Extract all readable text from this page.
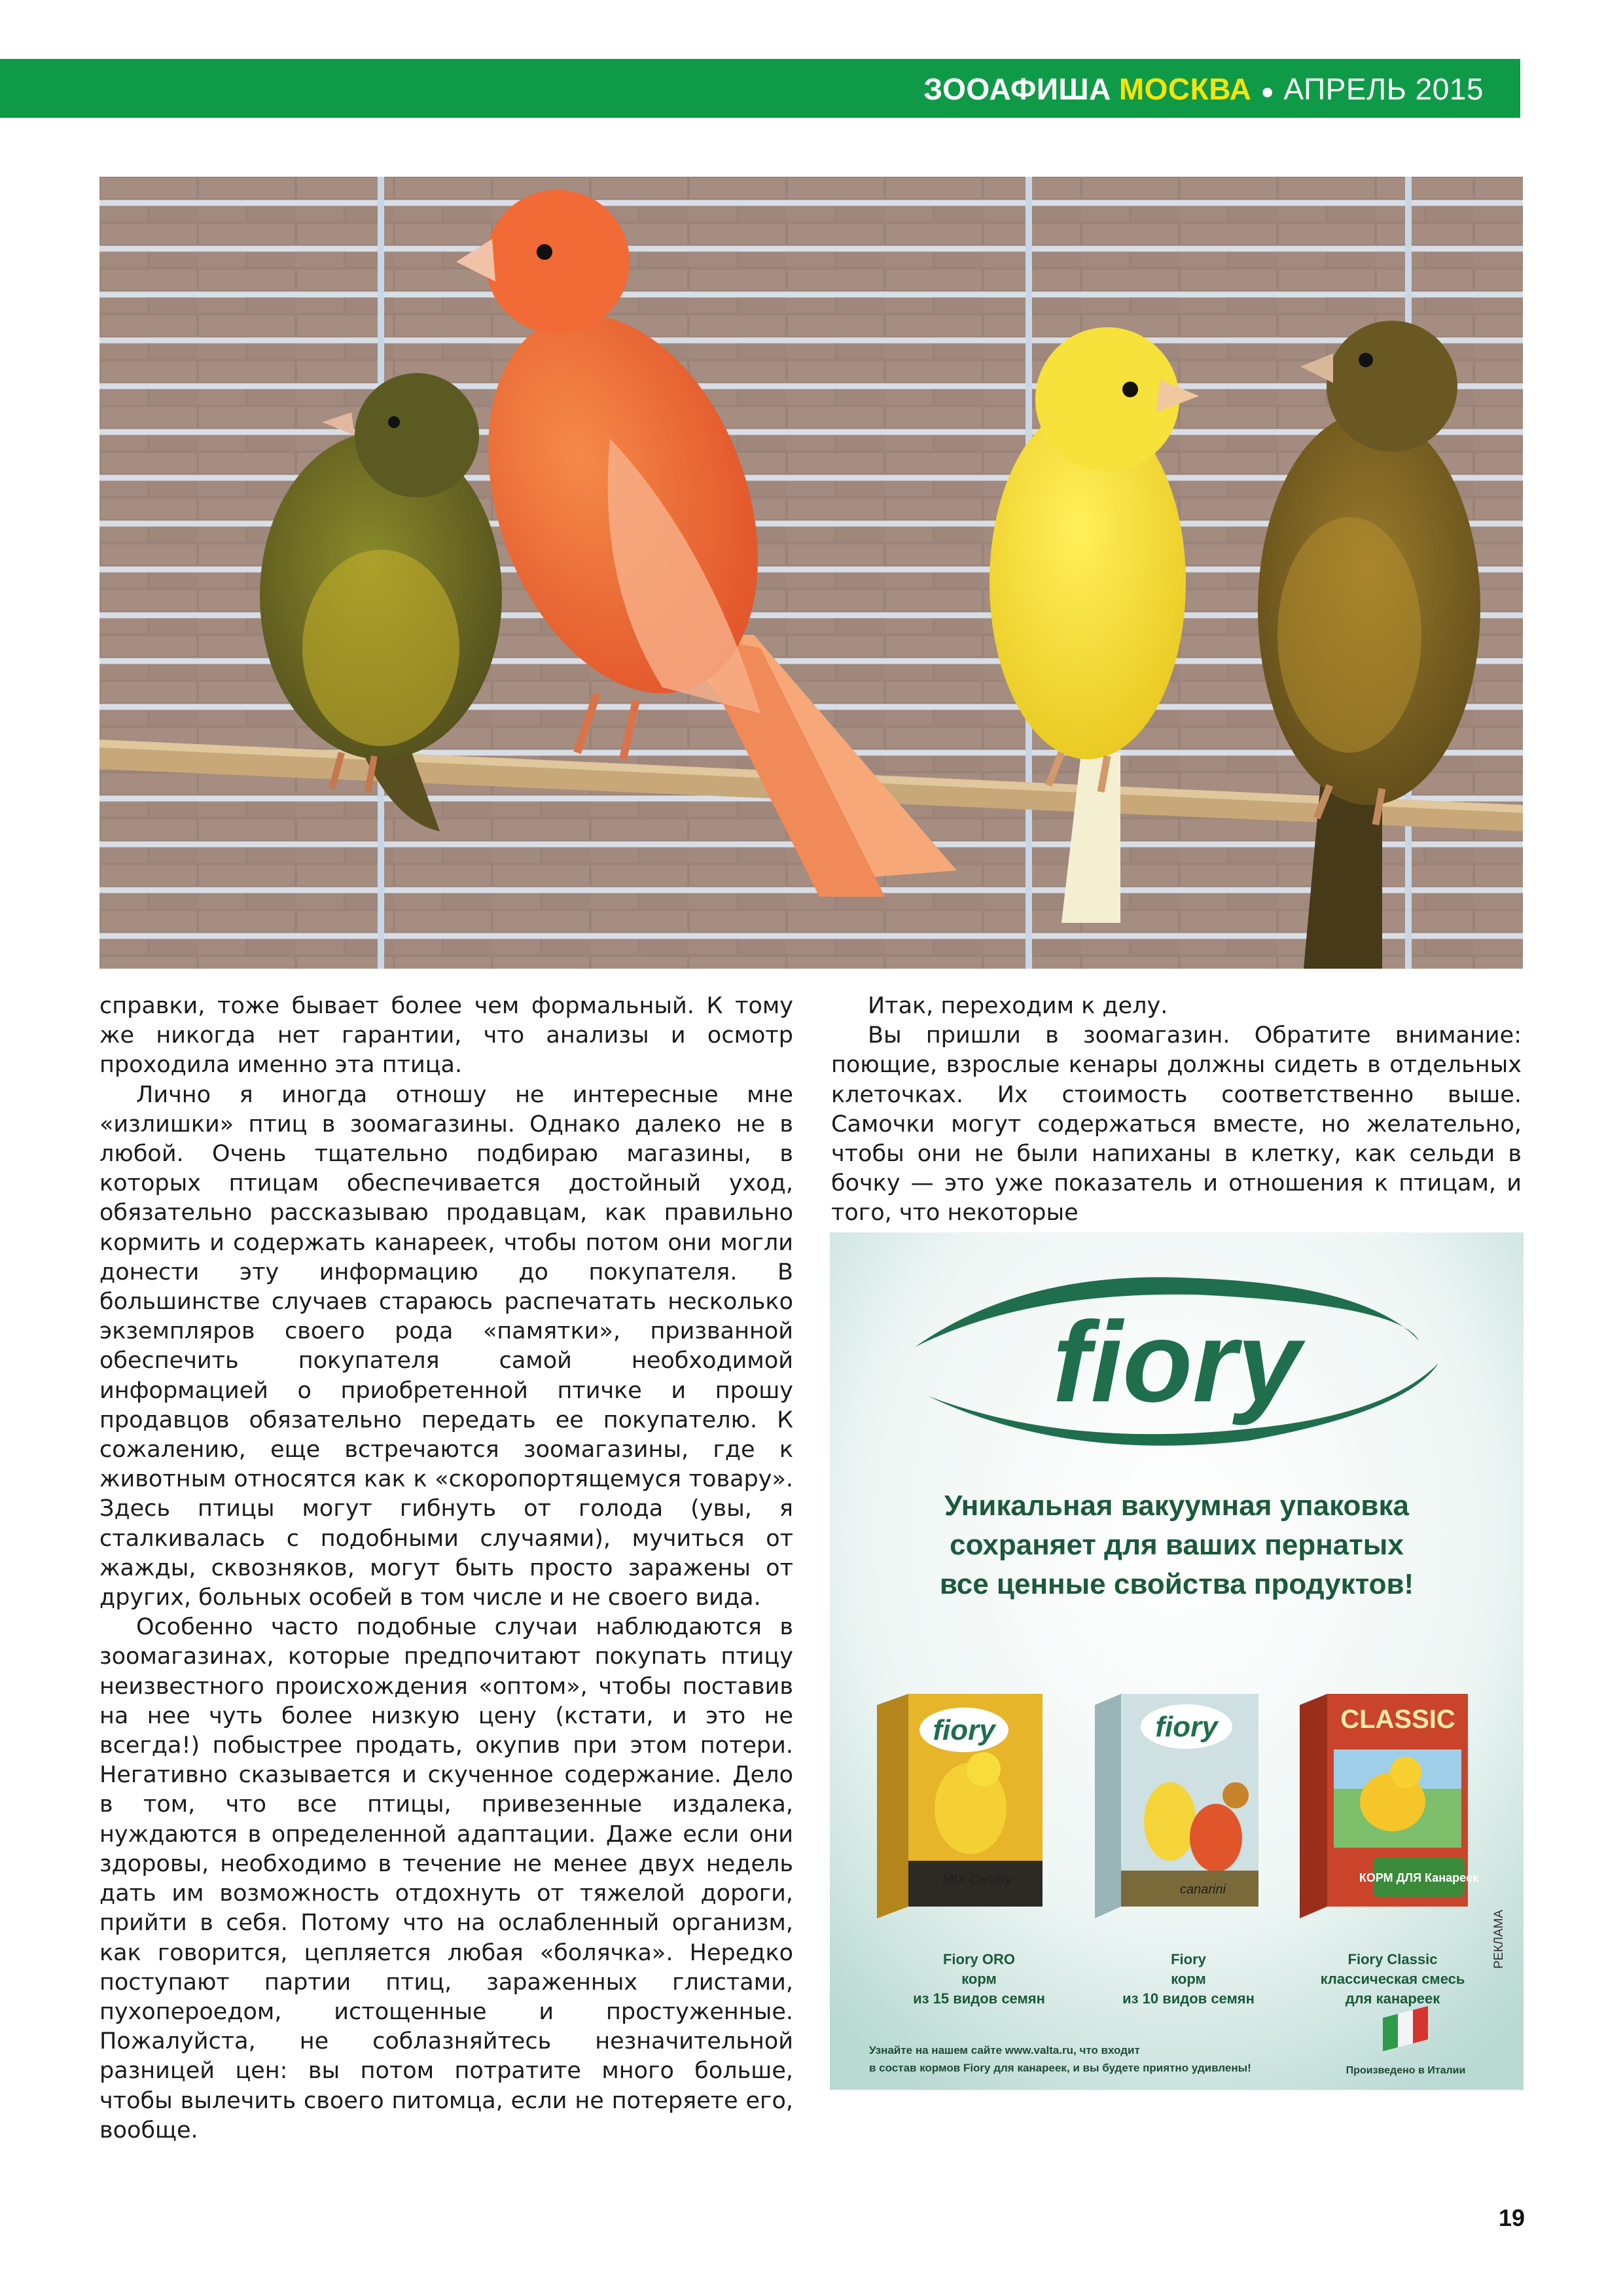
ЗООАФИША МОСКВА ● АПРЕЛЬ 2015

справки, тоже бывает более чем формальный. К тому же никогда нет гарантии, что анализы и осмотр проходила именно эта птица.

Лично я иногда отношу не интересные мне «излишки» птиц в зоомагазины. Однако далеко не в любой. Очень тщательно подбираю магазины, в которых птицам обеспечивается достойный уход, обязательно рассказываю продавцам, как правильно кормить и содержать канареек, чтобы потом они могли донести эту информацию до покупателя. В большинстве случаев стараюсь распечатать несколько экземпляров своего рода «памятки», призванной обеспечить покупателя самой необходимой информацией о приобретенной птичке и прошу продавцов обязательно передать ее покупателю. К сожалению, еще встречаются зоомагазины, где к животным относятся как к «скоропортящемуся товару». Здесь птицы могут гибнуть от голода (увы, я сталкивалась с подобными случаями), мучиться от жажды, сквозняков, могут быть просто заражены от других, больных особей в том числе и не своего вида.

Особенно часто подобные случаи наблюдаются в зоомагазинах, которые предпочитают покупать птицу неизвестного происхождения «оптом», чтобы поставив на нее чуть более низкую цену (кстати, и это не всегда!) побыстрее продать, окупив при этом потери. Негативно сказывается и скученное содержание. Дело в том, что все птицы, привезенные издалека, нуждаются в определенной адаптации. Даже если они здоровы, необходимо в течение не менее двух недель дать им возможность отдохнуть от тяжелой дороги, прийти в себя. Потому что на ослабленный организм, как говорится, цепляется любая «болячка». Нередко поступают партии птиц, зараженных глистами, пухопероедом, истощенные и простуженные. Пожалуйста, не соблазняйтесь незначительной разницей цен: вы потом потратите много больше, чтобы вылечить своего питомца, если не потеряете его, вообще.

Итак, переходим к делу.

Вы пришли в зоомагазин. Обратите внимание: поющие, взрослые кенары должны сидеть в отдельных клеточках. Их стоимость соответственно выше. Самочки могут содержаться вместе, но желательно, чтобы они не были напиханы в клетку, как сельди в бочку — это уже показатель и отношения к птицам, и того, что некоторые

fiory
Уникальная вакуумная упаковка
сохраняет для ваших пернатых
все ценные свойства продуктов!
fiory
MIX Canary
fiory
canarini
CLASSIC
КОРМ ДЛЯ Канареек
Fiory ORO
корм
из 15 видов семян
Fiory
корм
из 10 видов семян
Fiory Classic
классическая смесь
для канареек
РЕКЛАМА
Узнайте на нашем сайте www.valta.ru, что входит
в состав кормов Fiory для канареек, и вы будете приятно удивлены!	Произведено в Италии
19
